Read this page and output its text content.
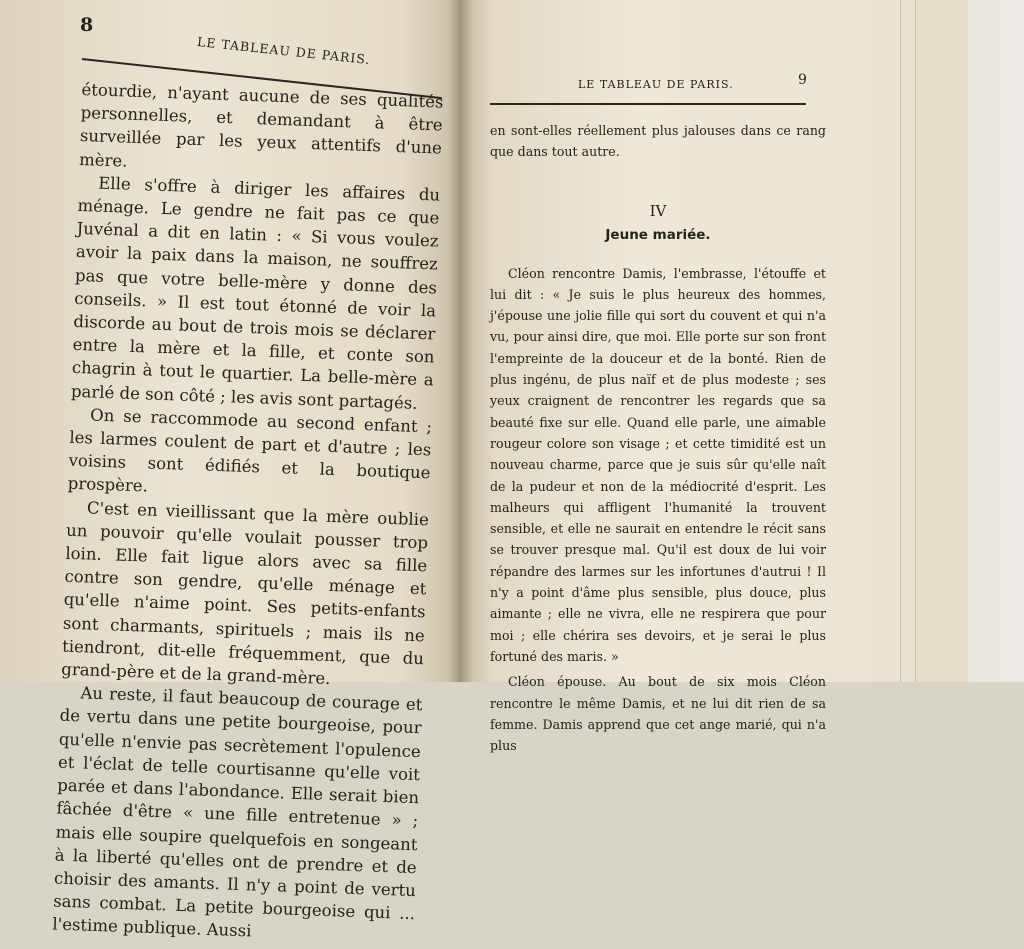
8
LE TABLEAU DE PARIS.

étourdie, n'ayant aucune de ses qualités personnelles, et demandant à être surveillée par les yeux attentifs d'une mère.

Elle s'offre à diriger les affaires du ménage. Le gendre ne fait pas ce que Juvénal a dit en latin : « Si vous voulez avoir la paix dans la maison, ne souffrez pas que votre belle-mère y donne des conseils. » Il est tout étonné de voir la discorde au bout de trois mois se déclarer entre la mère et la fille, et conte son chagrin à tout le quartier. La belle-mère a parlé de son côté ; les avis sont partagés.

On se raccommode au second enfant ; les larmes coulent de part et d'autre ; les voisins sont édifiés et la boutique prospère.

C'est en vieillissant que la mère oublie un pouvoir qu'elle voulait pousser trop loin. Elle fait ligue alors avec sa fille contre son gendre, qu'elle ménage et qu'elle n'aime point. Ses petits-enfants sont charmants, spirituels ; mais ils ne tiendront, dit-elle fréquemment, que du grand-père et de la grand-mère.

Au reste, il faut beaucoup de courage et de vertu dans une petite bourgeoise, pour qu'elle n'envie pas secrètement l'opulence et l'éclat de telle courtisanne qu'elle voit parée et dans l'abondance. Elle serait bien fâchée d'être « une fille entretenue » ; mais elle soupire quelquefois en songeant à la liberté qu'elles ont de prendre et de choisir des amants. Il n'y a point de vertu sans combat. La petite bourgeoise qui ... l'estime publique. Aussi

LE TABLEAU DE PARIS.	9

en sont-elles réellement plus jalouses dans ce rang que dans tout autre.

IV
Jeune mariée.

Cléon rencontre Damis, l'embrasse, l'étouffe et lui dit : « Je suis le plus heureux des hommes, j'épouse une jolie fille qui sort du couvent et qui n'a vu, pour ainsi dire, que moi. Elle porte sur son front l'empreinte de la douceur et de la bonté. Rien de plus ingénu, de plus naïf et de plus modeste ; ses yeux craignent de rencontrer les regards que sa beauté fixe sur elle. Quand elle parle, une aimable rougeur colore son visage ; et cette timidité est un nouveau charme, parce que je suis sûr qu'elle naît de la pudeur et non de la médiocrité d'esprit. Les malheurs qui affligent l'humanité la trouvent sensible, et elle ne saurait en entendre le récit sans se trouver presque mal. Qu'il est doux de lui voir répandre des larmes sur les infortunes d'autrui ! Il n'y a point d'âme plus sensible, plus douce, plus aimante ; elle ne vivra, elle ne respirera que pour moi ; elle chérira ses devoirs, et je serai le plus fortuné des maris. »

Cléon épouse. Au bout de six mois Cléon rencontre le même Damis, et ne lui dit rien de sa femme. Damis apprend que cet ange marié, qui n'a plus
